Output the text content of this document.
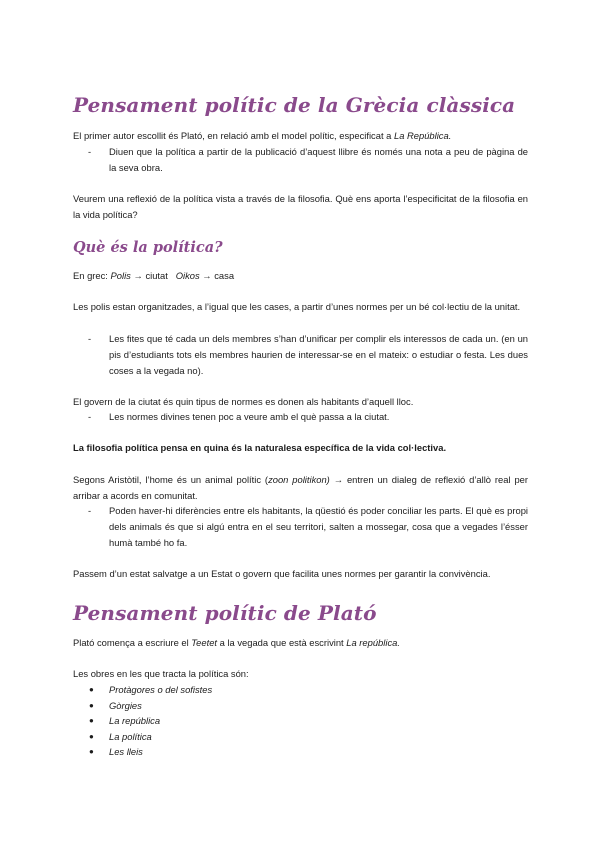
Pensament polític de la Grècia clàssica

El primer autor escollit és Plató, en relació amb el model polític, especificat a La República.

- Diuen que la política a partir de la publicació d’aquest llibre és només una nota a peu de pàgina de la seva obra.

Veurem una reflexió de la política vista a través de la filosofia. Què ens aporta l’especificitat de la filosofia en la vida política?

Què és la política?

En grec: Polis → ciutat Oikos → casa

Les polis estan organitzades, a l’igual que les cases, a partir d’unes normes per un bé col·lectiu de la unitat.

- Les fites que té cada un dels membres s’han d’unificar per complir els interessos de cada un. (en un pis d’estudiants tots els membres haurien de interessar-se en el mateix: o estudiar o festa. Les dues coses a la vegada no).

El govern de la ciutat és quin tipus de normes es donen als habitants d’aquell lloc.

- Les normes divines tenen poc a veure amb el què passa a la ciutat.

La filosofia política pensa en quina és la naturalesa específica de la vida col·lectiva.

Segons Aristòtil, l’home és un animal polític (zoon politikon) → entren un dialeg de reflexió d’allò real per arribar a acords en comunitat.

- Poden haver-hi diferències entre els habitants, la qüestió és poder conciliar les parts. El què es propi dels animals és que si algú entra en el seu territori, salten a mossegar, cosa que a vegades l’ésser humà també ho fa.

Passem d’un estat salvatge a un Estat o govern que facilita unes normes per garantir la convivència.

Pensament polític de Plató

Plató comença a escriure el Teetet a la vegada que està escrivint La república.

Les obres en les que tracta la política són:

● Protàgores o del sofistes
● Gòrgies
● La república
● La política
● Les lleis
